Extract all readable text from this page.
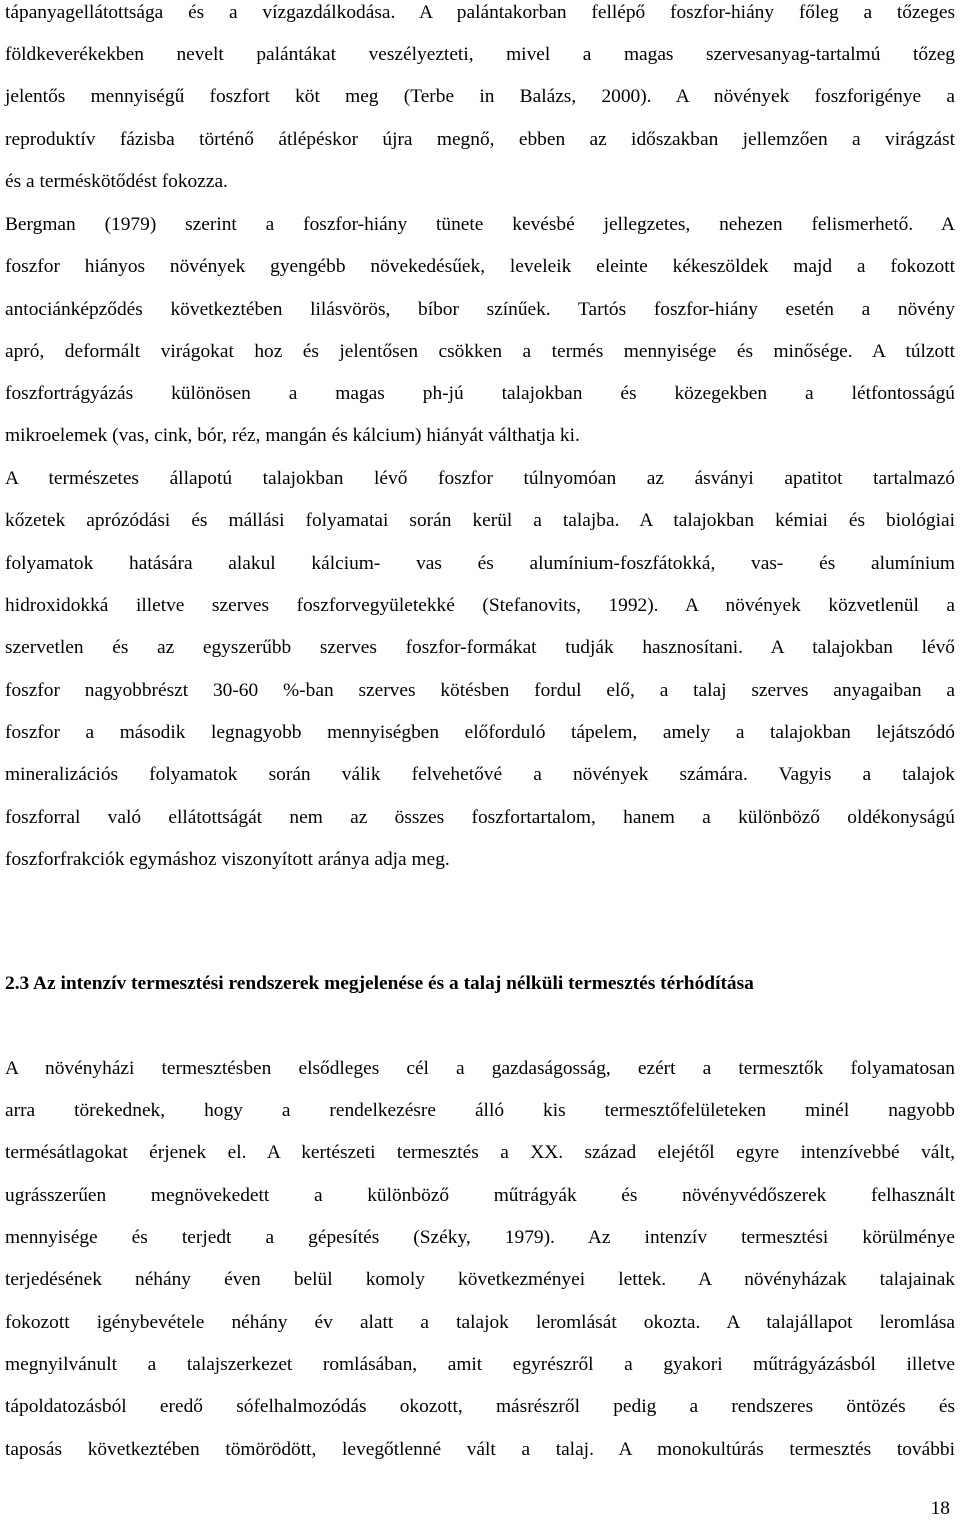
tápanyagellátottsága és a vízgazdálkodása. A palántakorban fellépő foszfor-hiány főleg a tőzeges
földkeverékekben nevelt palántákat veszélyezteti, mivel a magas szervesanyag-tartalmú tőzeg
jelentős mennyiségű foszfort köt meg (Terbe in Balázs, 2000). A növények foszforigénye a
reproduktív fázisba történő átlépéskor újra megnő, ebben az időszakban jellemzően a virágzást
és a terméskötődést fokozza.
Bergman (1979) szerint a foszfor-hiány tünete kevésbé jellegzetes, nehezen felismerhető. A
foszfor hiányos növények gyengébb növekedésűek, leveleik eleinte kékeszöldek majd a fokozott
antociánképződés következtében lilásvörös, bíbor színűek. Tartós foszfor-hiány esetén a növény
apró, deformált virágokat hoz és jelentősen csökken a termés mennyisége és minősége. A túlzott
foszfortrágyázás különösen a magas ph-jú talajokban és közegekben a létfontosságú
mikroelemek (vas, cink, bór, réz, mangán és kálcium) hiányát válthatja ki.
A természetes állapotú talajokban lévő foszfor túlnyomóan az ásványi apatitot tartalmazó
kőzetek aprózódási és mállási folyamatai során kerül a talajba. A talajokban kémiai és biológiai
folyamatok hatására alakul kálcium- vas és alumínium-foszfátokká, vas- és alumínium
hidroxidokká illetve szerves foszforvegyületekké (Stefanovits, 1992). A növények közvetlenül a
szervetlen és az egyszerűbb szerves foszfor-formákat tudják hasznosítani. A talajokban lévő
foszfor nagyobbrészt 30-60 %-ban szerves kötésben fordul elő, a talaj szerves anyagaiban a
foszfor a második legnagyobb mennyiségben előforduló tápelem, amely a talajokban lejátszódó
mineralizációs folyamatok során válik felvehetővé a növények számára. Vagyis a talajok
foszforral való ellátottságát nem az összes foszfortartalom, hanem a különböző oldékonyságú
foszforfrakciók egymáshoz viszonyított aránya adja meg.
2.3 Az intenzív termesztési rendszerek megjelenése és a talaj nélküli termesztés térhódítása
A növényházi termesztésben elsődleges cél a gazdaságosság, ezért a termesztők folyamatosan
arra törekednek, hogy a rendelkezésre álló kis termesztőfelületeken minél nagyobb
termésátlagokat érjenek el. A kertészeti termesztés a XX. század elejétől egyre intenzívebbé vált,
ugrásszerűen megnövekedett a különböző műtrágyák és növényvédőszerek felhasznált
mennyisége és terjedt a gépesítés (Széky, 1979). Az intenzív termesztési körülménye
terjedésének néhány éven belül komoly következményei lettek. A növényházak talajainak
fokozott igénybevétele néhány év alatt a talajok leromlását okozta. A talajállapot leromlása
megnyilvánult a talajszerkezet romlásában, amit egyrészről a gyakori műtrágyázásból illetve
tápoldatozásból eredő sófelhalmozódás okozott, másrészről pedig a rendszeres öntözés és
taposás következtében tömörödött, levegőtlenné vált a talaj. A monokultúrás termesztés további
18
